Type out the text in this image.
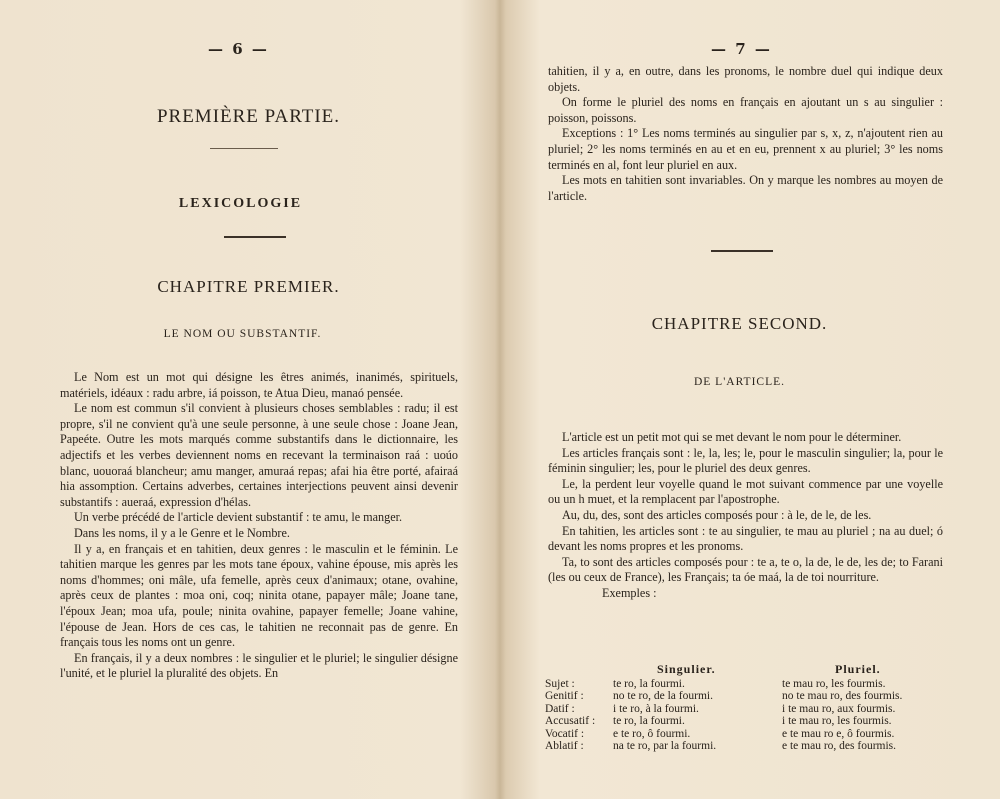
— 6 —
PREMIÈRE PARTIE.
LEXICOLOGIE
CHAPITRE PREMIER.
LE NOM OU SUBSTANTIF.

Le Nom est un mot qui désigne les êtres animés, inanimés, spirituels, matériels, idéaux : radu arbre, iá poisson, te Atua Dieu, manaó pensée.

Le nom est commun s'il convient à plusieurs choses semblables : radu; il est propre, s'il ne convient qu'à une seule personne, à une seule chose : Joane Jean, Papeéte. Outre les mots marqués comme substantifs dans le dictionnaire, les adjectifs et les verbes deviennent noms en recevant la terminaison raá : uoúo blanc, uouoraá blancheur; amu manger, amuraá repas; afai hia être porté, afairaá hia assomption. Certains adverbes, certaines interjections peuvent ainsi devenir substantifs : aueraá, expression d'hélas.

Un verbe précédé de l'article devient substantif : te amu, le manger.

Dans les noms, il y a le Genre et le Nombre.

Il y a, en français et en tahitien, deux genres : le masculin et le féminin. Le tahitien marque les genres par les mots tane époux, vahine épouse, mis après les noms d'hommes; oni mâle, ufa femelle, après ceux d'animaux; otane, ovahine, après ceux de plantes : moa oni, coq; ninita otane, papayer mâle; Joane tane, l'époux Jean; moa ufa, poule; ninita ovahine, papayer femelle; Joane vahine, l'épouse de Jean. Hors de ces cas, le tahitien ne reconnait pas de genre. En français tous les noms ont un genre.

En français, il y a deux nombres : le singulier et le pluriel; le singulier désigne l'unité, et le pluriel la pluralité des objets. En

— 7 —

tahitien, il y a, en outre, dans les pronoms, le nombre duel qui indique deux objets.

On forme le pluriel des noms en français en ajoutant un s au singulier : poisson, poissons.

Exceptions : 1° Les noms terminés au singulier par s, x, z, n'ajoutent rien au pluriel; 2° les noms terminés en au et en eu, prennent x au pluriel; 3° les noms terminés en al, font leur pluriel en aux.

Les mots en tahitien sont invariables. On y marque les nombres au moyen de l'article.

CHAPITRE SECOND.
DE L'ARTICLE.

L'article est un petit mot qui se met devant le nom pour le déterminer.

Les articles français sont : le, la, les; le, pour le masculin singulier; la, pour le féminin singulier; les, pour le pluriel des deux genres.

Le, la perdent leur voyelle quand le mot suivant commence par une voyelle ou un h muet, et la remplacent par l'apostrophe.

Au, du, des, sont des articles composés pour : à le, de le, de les.

En tahitien, les articles sont : te au singulier, te mau au pluriel ; na au duel; ó devant les noms propres et les pronoms.

Ta, to sont des articles composés pour : te a, te o, la de, le de, les de; to Farani (les ou ceux de France), les Français; ta óe maá, la de toi nourriture.

Exemples :

Singulier.	Pluriel.
Sujet :
Genitif :
Datif :
Accusatif :
Vocatif :
Ablatif :
te ro, la fourmi.
no te ro, de la fourmi.
i te ro, à la fourmi.
te ro, la fourmi.
e te ro, ô fourmi.
na te ro, par la fourmi.
te mau ro, les fourmis.
no te mau ro, des fourmis.
i te mau ro, aux fourmis.
i te mau ro, les fourmis.
e te mau ro e, ô fourmis.
e te mau ro, des fourmis.
